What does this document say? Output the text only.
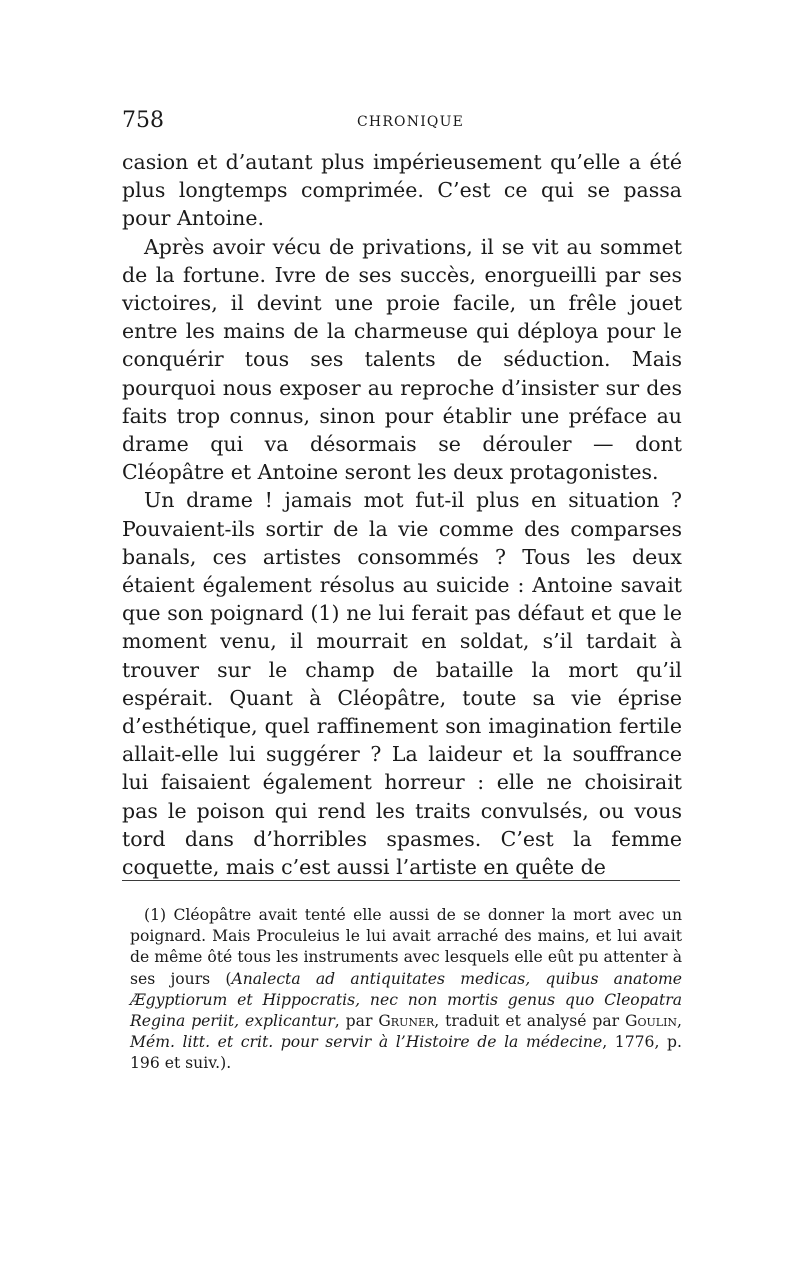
758	CHRONIQUE

casion et d’autant plus impérieusement qu’elle a été plus longtemps comprimée. C’est ce qui se passa pour Antoine.

Après avoir vécu de privations, il se vit au sommet de la fortune. Ivre de ses succès, enorgueilli par ses victoires, il devint une proie facile, un frêle jouet entre les mains de la charmeuse qui déploya pour le conquérir tous ses talents de séduction. Mais pourquoi nous exposer au reproche d’insister sur des faits trop connus, sinon pour établir une préface au drame qui va désormais se dérouler — dont Cléopâtre et Antoine seront les deux protagonistes.

Un drame ! jamais mot fut-il plus en situation ? Pouvaient-ils sortir de la vie comme des comparses banals, ces artistes consommés ? Tous les deux étaient également résolus au suicide : Antoine savait que son poignard (1) ne lui ferait pas défaut et que le moment venu, il mourrait en soldat, s’il tardait à trouver sur le champ de bataille la mort qu’il espérait. Quant à Cléopâtre, toute sa vie éprise d’esthétique, quel raffinement son imagination fertile allait-elle lui suggérer ? La laideur et la souffrance lui faisaient également horreur : elle ne choisirait pas le poison qui rend les traits convulsés, ou vous tord dans d’horribles spasmes. C’est la femme coquette, mais c’est aussi l’artiste en quête de

(1) Cléopâtre avait tenté elle aussi de se donner la mort avec un poignard. Mais Proculeius le lui avait arraché des mains, et lui avait de même ôté tous les instruments avec lesquels elle eût pu attenter à ses jours (Analecta ad antiquitates medicas, quibus anatome Ægyptiorum et Hippocratis, nec non mortis genus quo Cleopatra Regina periit, explicantur, par Gruner, traduit et analysé par Goulin, Mém. litt. et crit. pour servir à l’Histoire de la médecine, 1776, p. 196 et suiv.).
